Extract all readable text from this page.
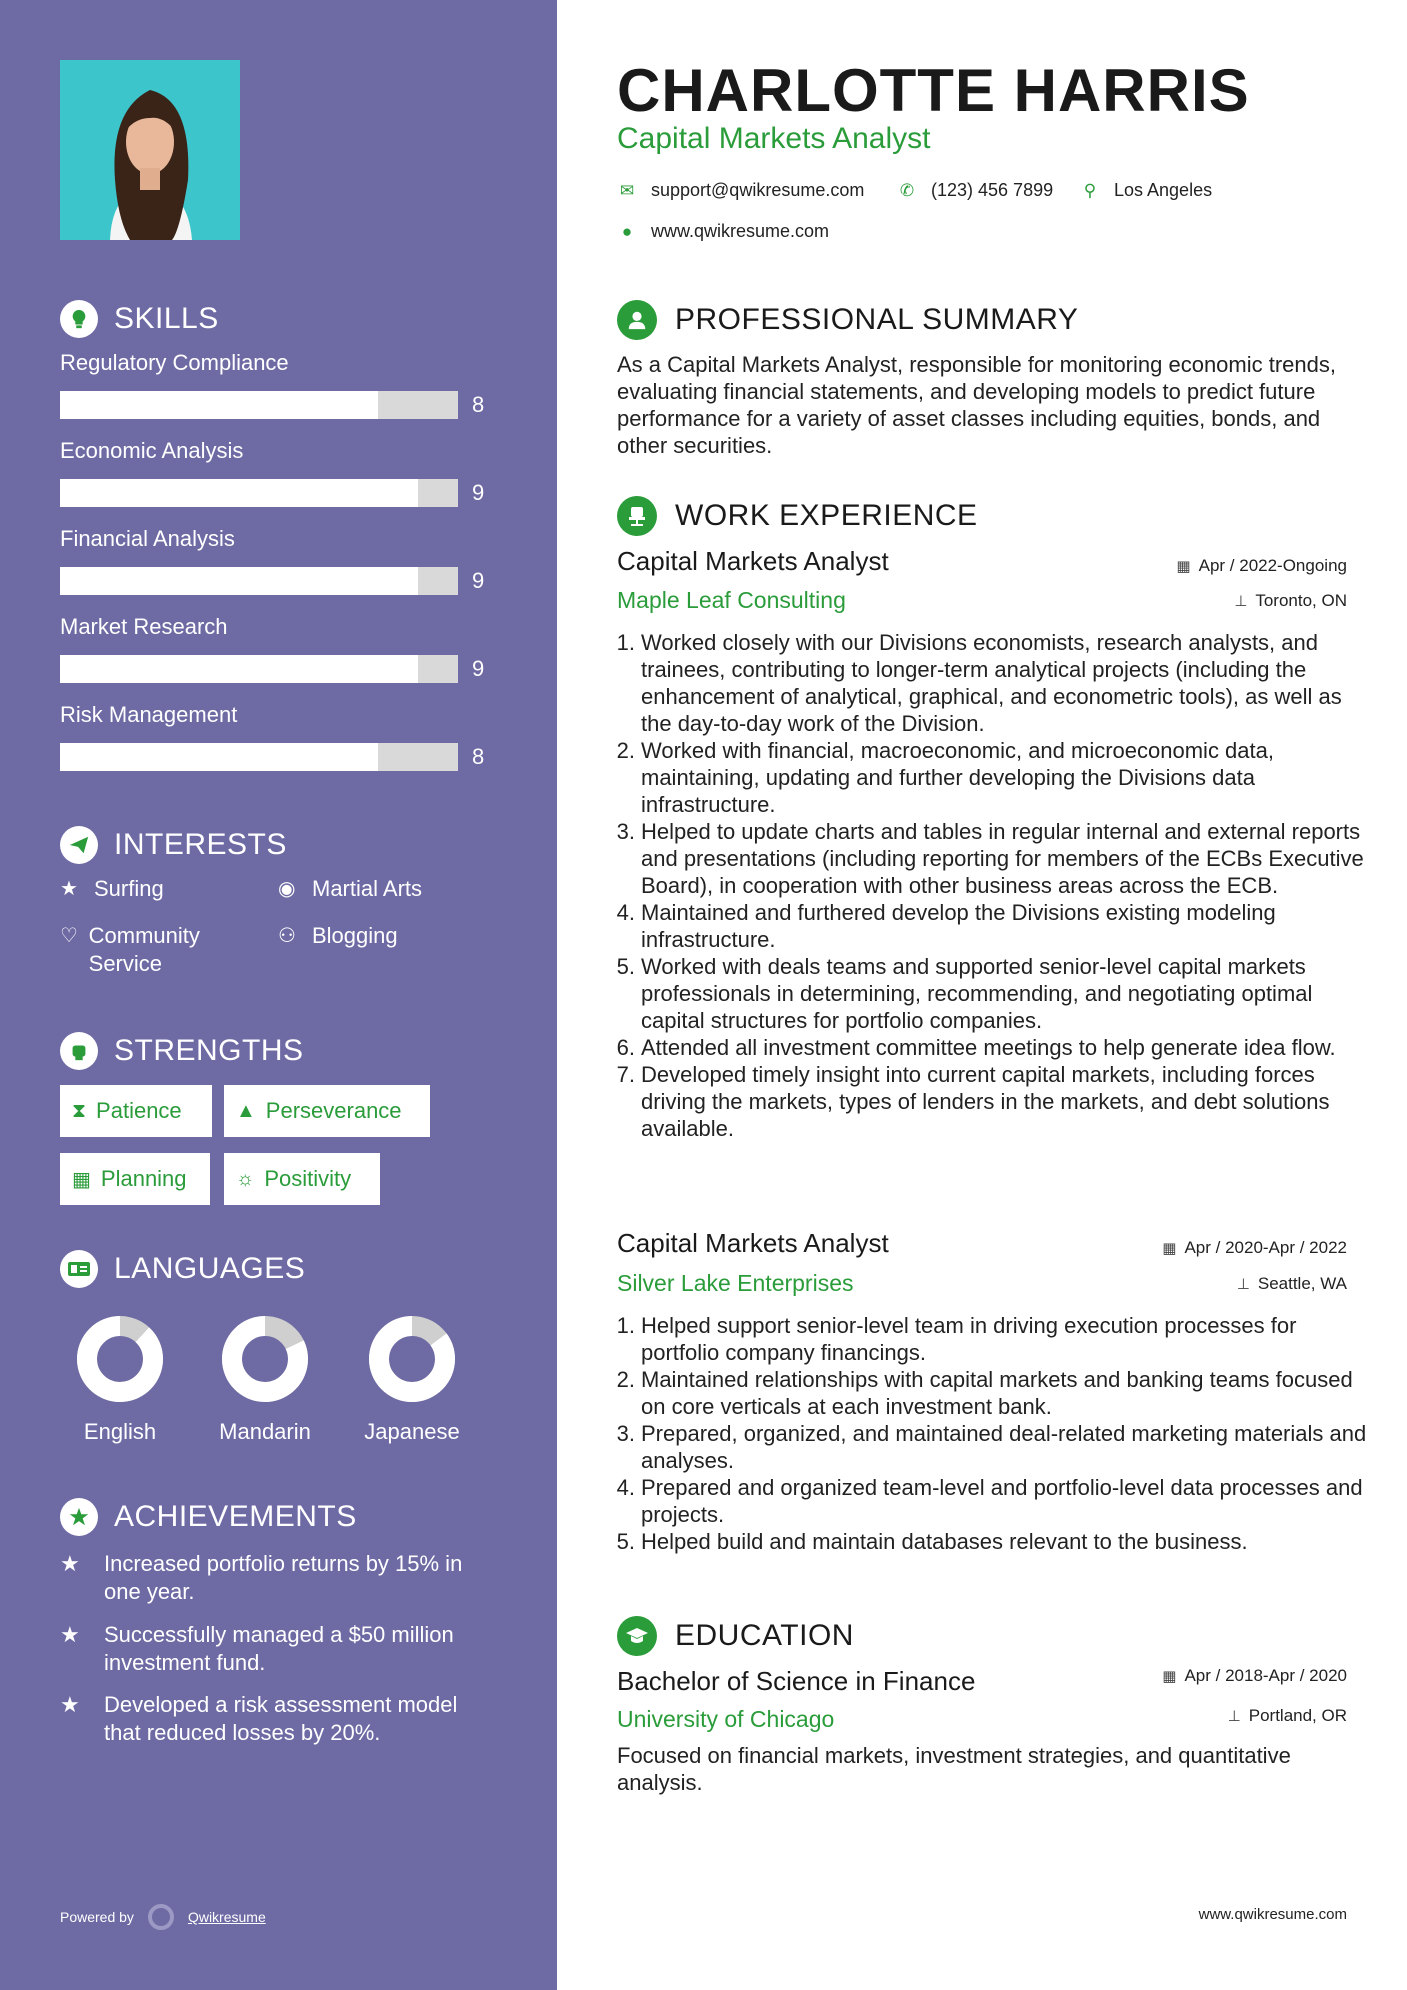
SKILLS
Regulatory Compliance
8
Economic Analysis
9
Financial Analysis
9
Market Research
9
Risk Management
8
INTERESTS
★ Surfing	◉ Martial Arts
♡ Community Service
⚇ Blogging
STRENGTHS
⧗ Patience	▲ Perseverance
▦ Planning ☼ Positivity
LANGUAGES
English	Mandarin	Japanese
ACHIEVEMENTS
★	Increased portfolio returns by 15% in one year.
★	Successfully managed a $50 million investment fund.
★	Developed a risk assessment model that reduced losses by 20%.
Powered by	Qwikresume
CHARLOTTE HARRIS
Capital Markets Analyst
✉ support@qwikresume.com ✆ (123) 456 7899 ⚲ Los Angeles
● www.qwikresume.com
PROFESSIONAL SUMMARY
As a Capital Markets Analyst, responsible for monitoring economic trends, evaluating financial statements, and developing models to predict future performance for a variety of asset classes including equities, bonds, and other securities.
WORK EXPERIENCE
Capital Markets Analyst	▦ Apr / 2022-Ongoing
Maple Leaf Consulting	⊥ Toronto, ON
1. Worked closely with our Divisions economists, research analysts, and trainees, contributing to longer-term analytical projects (including the enhancement of analytical, graphical, and econometric tools), as well as the day-to-day work of the Division.
2. Worked with financial, macroeconomic, and microeconomic data, maintaining, updating and further developing the Divisions data infrastructure.
3. Helped to update charts and tables in regular internal and external reports and presentations (including reporting for members of the ECBs Executive Board), in cooperation with other business areas across the ECB.
4. Maintained and furthered develop the Divisions existing modeling infrastructure.
5. Worked with deals teams and supported senior-level capital markets professionals in determining, recommending, and negotiating optimal capital structures for portfolio companies.
6. Attended all investment committee meetings to help generate idea flow.
7. Developed timely insight into current capital markets, including forces driving the markets, types of lenders in the markets, and debt solutions available.
Capital Markets Analyst	▦ Apr / 2020-Apr / 2022
Silver Lake Enterprises	⊥ Seattle, WA
1. Helped support senior-level team in driving execution processes for portfolio company financings.
2. Maintained relationships with capital markets and banking teams focused on core verticals at each investment bank.
3. Prepared, organized, and maintained deal-related marketing materials and analyses.
4. Prepared and organized team-level and portfolio-level data processes and projects.
5. Helped build and maintain databases relevant to the business.
EDUCATION
Bachelor of Science in Finance	▦ Apr / 2018-Apr / 2020
University of Chicago	⊥ Portland, OR
Focused on financial markets, investment strategies, and quantitative analysis.
www.qwikresume.com
